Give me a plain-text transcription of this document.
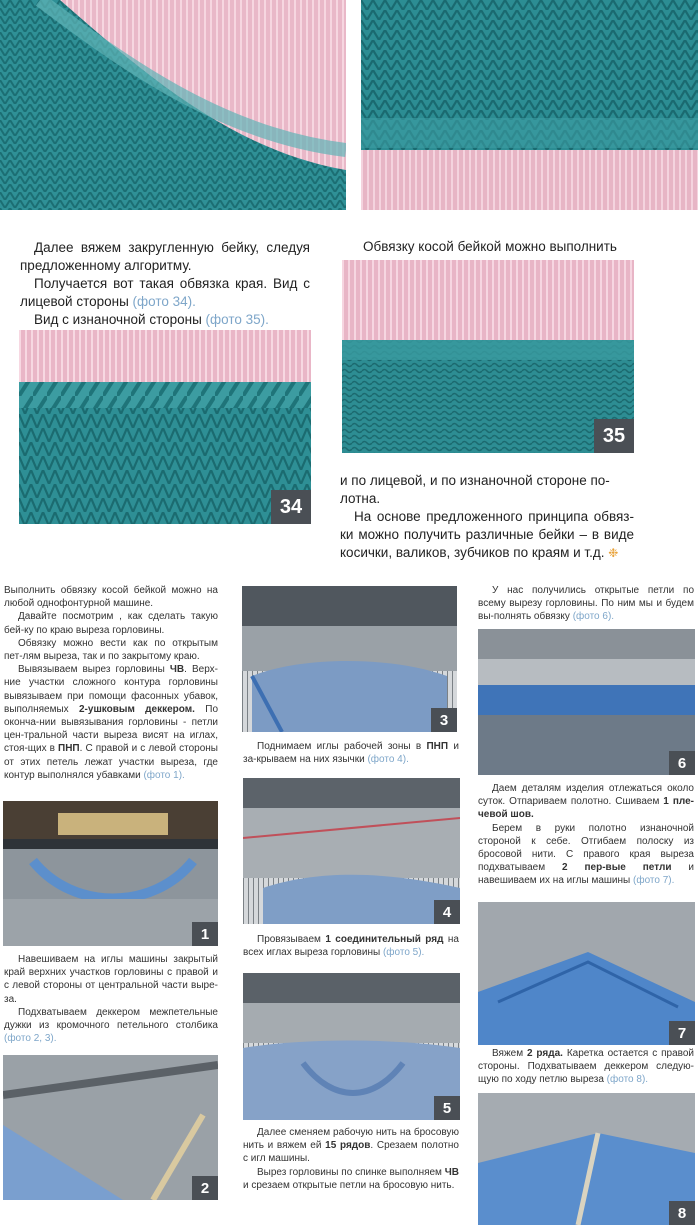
Далее вяжем закругленную бейку, следуя предложенному алгоритму.

Получается вот такая обвязка края. Вид с лицевой стороны (фото 34).

Вид с изнаночной стороны (фото 35).

Обвязку косой бейкой можно выполнить

34
35

и по лицевой, и по изнаночной стороне по-
лотна.

На основе предложенного принципа обвяз-ки можно получить различные бейки – в виде косички, валиков, зубчиков по краям и т.д. ❉

Выполнить обвязку косой бейкой можно на любой однофонтурной машине.

Давайте посмотрим , как сделать такую бей-ку по краю выреза горловины.

Обвязку можно вести как по открытым пет-лям выреза, так и по закрытому краю.

Вывязываем вырез горловины ЧВ. Верх-ние участки сложного контура горловины вывязываем при помощи фасонных убавок, выполняемых 2-ушковым деккером. По оконча-нии вывязывания горловины - петли цен-тральной части выреза висят на иглах, стоя-щих в ПНП. С правой и с левой стороны от этих петель лежат участки выреза, где контур выполнялся убавками (фото 1).

1

Навешиваем на иглы машины закрытый край верхних участков горловины с правой и с левой стороны от центральной части выре-за.

Подхватываем деккером межпетельные дужки из кромочного петельного столбика (фото 2, 3).

2
3

Поднимаем иглы рабочей зоны в ПНП и за-крываем на них язычки (фото 4).

4

Провязываем 1 соединительный ряд на всех иглах выреза горловины (фото 5).

5

Далее сменяем рабочую нить на бросовую нить и вяжем ей 15 рядов. Срезаем полотно с игл машины.

Вырез горловины по спинке выполняем ЧВ и срезаем открытые петли на бросовую нить.

У нас получились открытые петли по всему вырезу горловины. По ним мы и будем вы-полнять обвязку (фото 6).

6

Даем деталям изделия отлежаться около суток. Отпариваем полотно. Сшиваем 1 пле-чевой шов.

Берем в руки полотно изнаночной стороной к себе. Отгибаем полоску из бросовой нити. С правого края выреза подхватываем 2 пер-вые петли и навешиваем их на иглы машины (фото 7).

7

Вяжем 2 ряда. Каретка остается с правой стороны. Подхватываем деккером следую-щую по ходу петлю выреза (фото 8).

8
